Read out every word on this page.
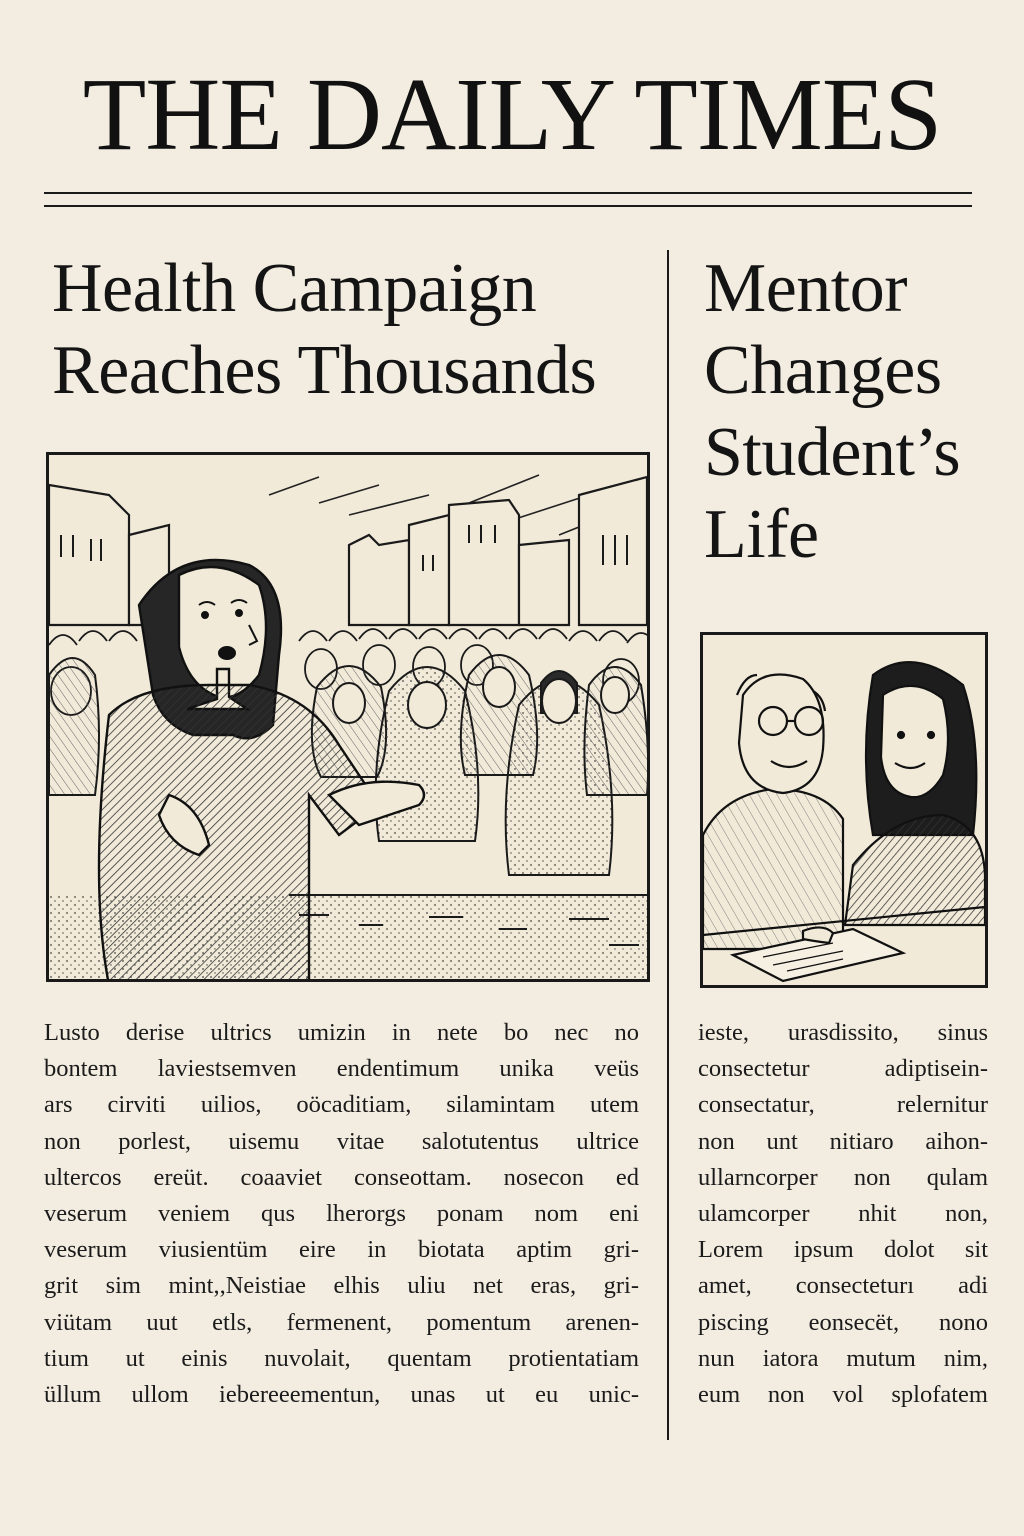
THE DAILY TIMES
Health Campaign
Reaches Thousands
Lusto derise ultrics umizin in nete bo nec no
bontem laviestsemven endentimum unika veüs
ars cirviti uilios, oöcaditiam, silamintam utem
non porlest, uisemu vitae salotutentus ultrice
ultercos ereüt. coaaviet conseottam. nosecon ed
veserum veniem qus lherorgs ponam nom eni
veserum viusientüm eire in biotata aptim gri-
grit sim mint,,Neistiae elhis uliu net eras, gri-
viütam uut etls, fermenent, pomentum arenen-
tium ut einis nuvolait, quentam protientatiam
üllum ullom iebereeementun, unas ut eu unic-
Mentor
Changes
Student’s
Life
ieste, urasdissito, sinus
consectetur adiptisein-
consectatur, relernitur
non unt nitiaro aihon-
ullarncorper non qulam
ulamcorper nhit non,
Lorem ipsum dolot sit
amet, consecteturı adi
piscing eonsecët, nono
nun iatora mutum nim,
eum non vol splofatem
